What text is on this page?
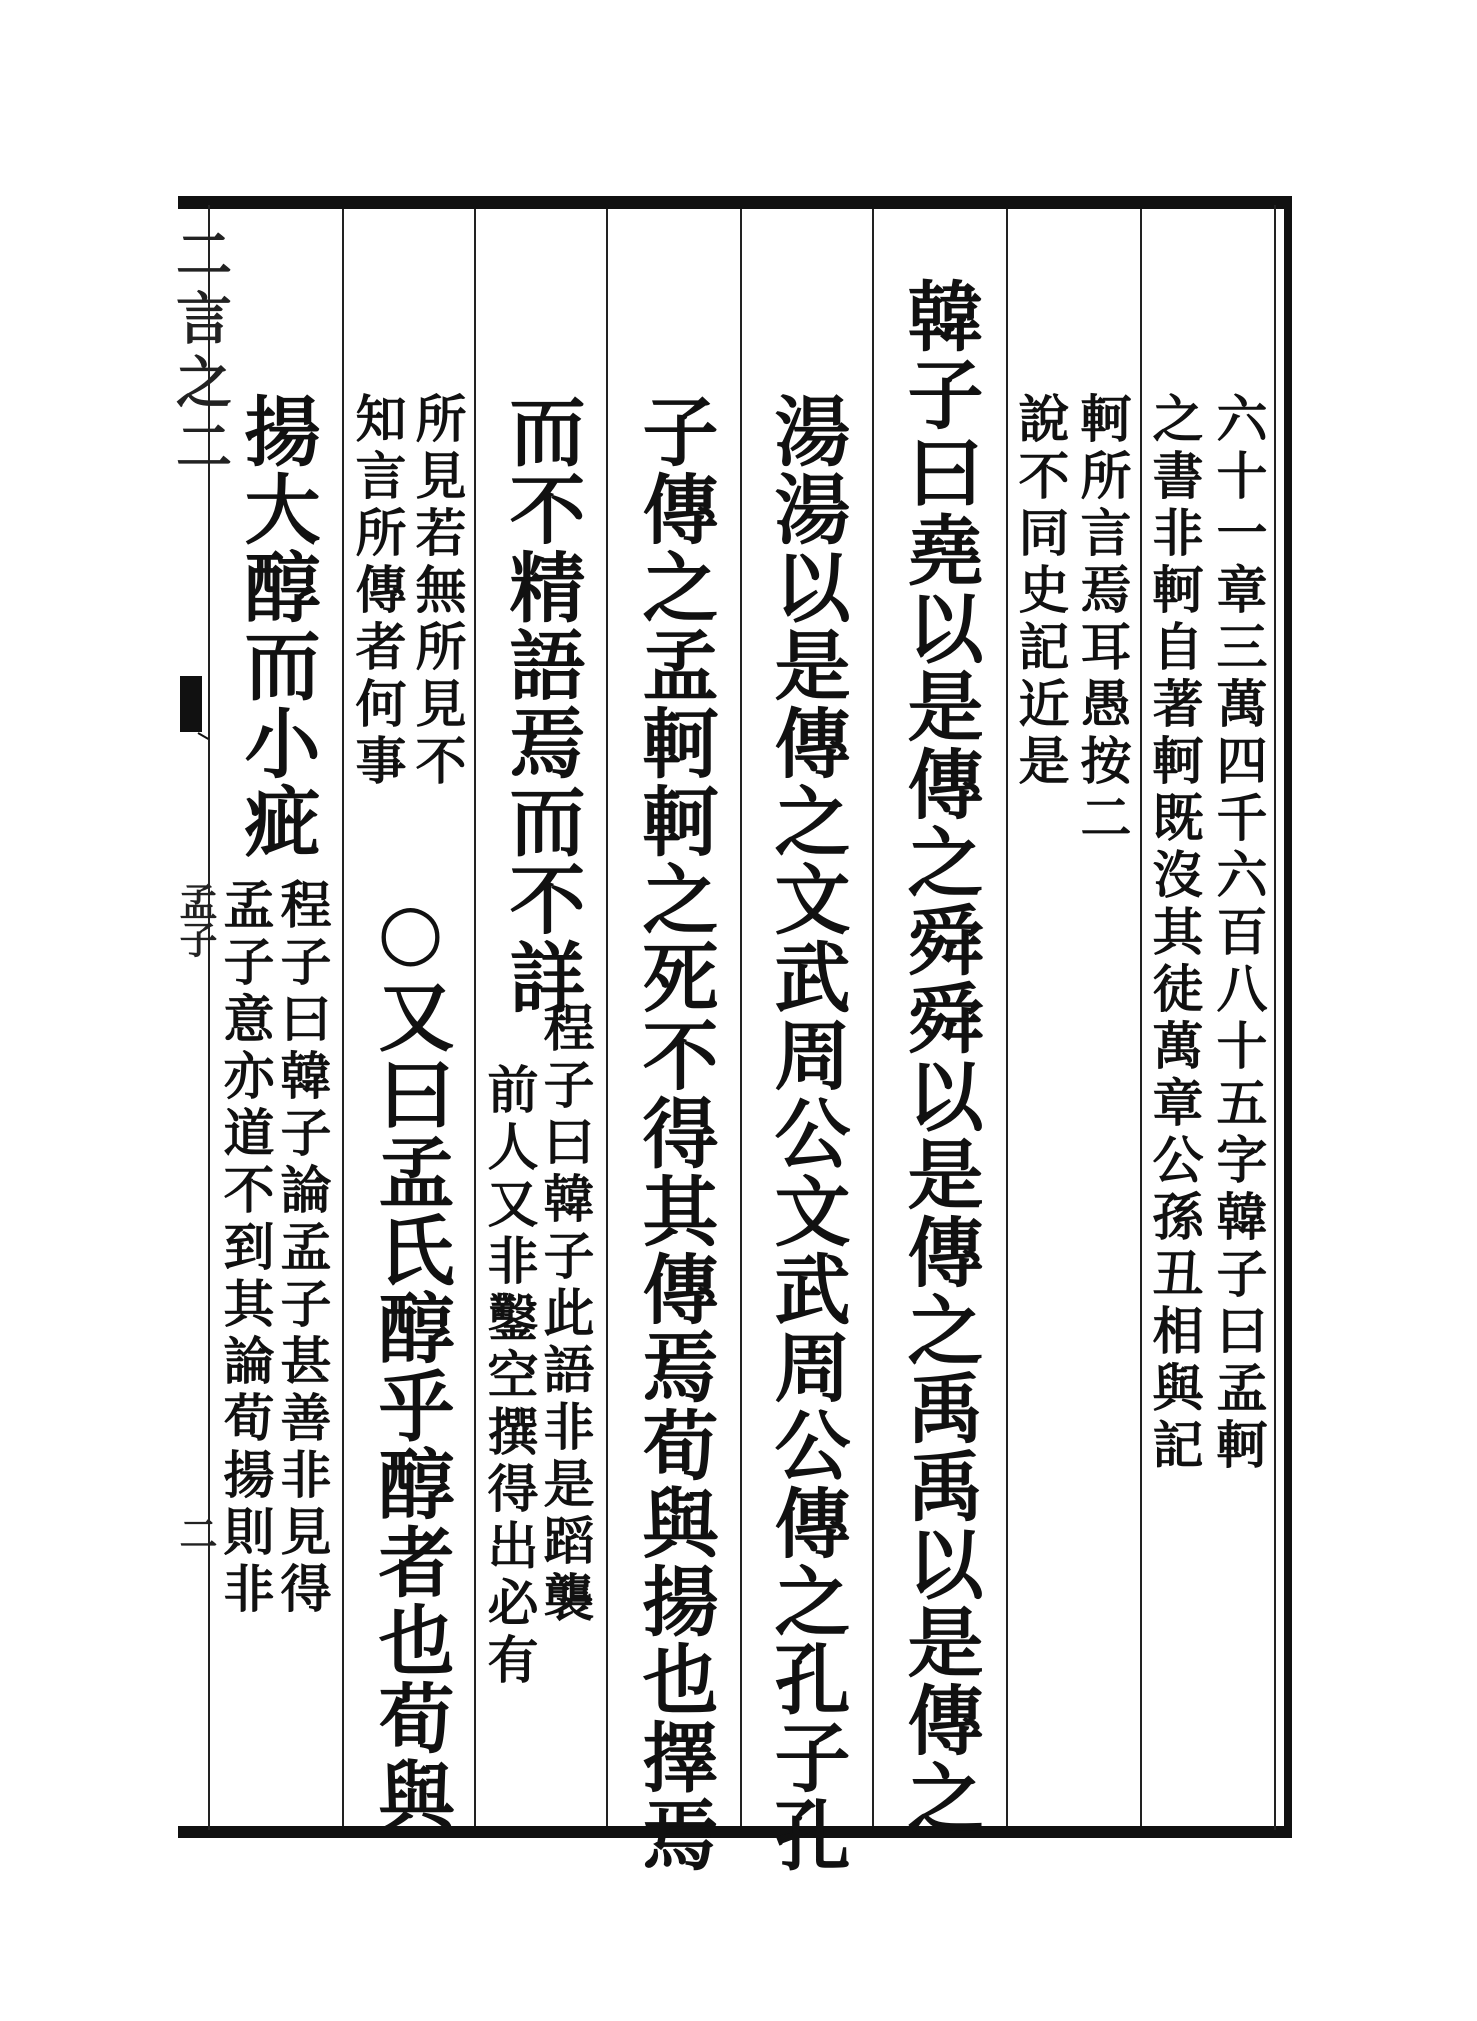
二言之二
孟子
二
六十一章三萬四千六百八十五字韓子曰孟軻
之書非軻自著軻既沒其徒萬章公孫丑相與記
軻所言焉耳愚按二
說不同史記近是
韓子曰堯以是傳之舜舜以是傳之禹禹以是傳之
湯湯以是傳之文武周公文武周公傳之孔子孔
子傳之孟軻軻之死不得其傳焉荀與揚也擇焉
而不精語焉而不詳
程子曰韓子此語非是蹈襲
前人又非鑿空撰得出必有
所見若無所見不
知言所傳者何事
○又曰孟氏醇乎醇者也荀與
揚大醇而小疵
程子曰韓子論孟子甚善非見得
孟子意亦道不到其論荀揚則非
